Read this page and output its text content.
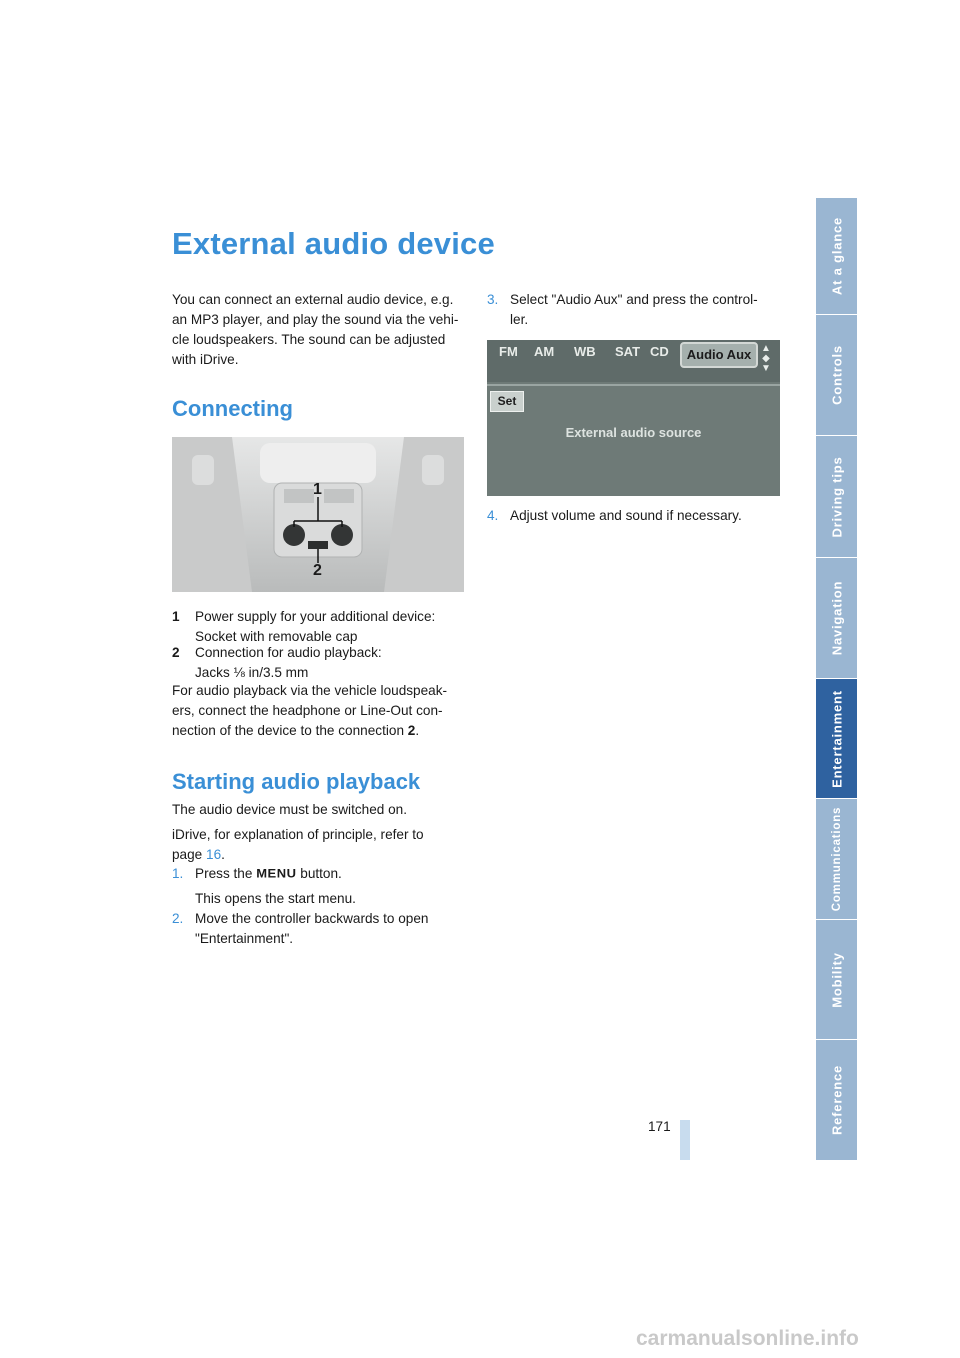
External audio device
You can connect an external audio device, e.g.
an MP3 player, and play the sound via the vehi-
cle loudspeakers. The sound can be adjusted
with iDrive.
Connecting
1
2
1 Power supply for your additional device:
Socket with removable cap
2 Connection for audio playback:
Jacks ⅛ in/3.5 mm
For audio playback via the vehicle loudspeak-
ers, connect the headphone or Line-Out con-
nection of the device to the connection 2.
Starting audio playback
The audio device must be switched on.
iDrive, for explanation of principle, refer to
page 16.
1. Press the MENU button.
This opens the start menu.
2. Move the controller backwards to open
"Entertainment".
3. Select "Audio Aux" and press the control-
ler.
FM AM WB SAT CD	Audio Aux ▲
◆
▼
Set
External audio source
4. Adjust volume and sound if necessary.
At a glance
Controls
Driving tips
Navigation
Entertainment
Communications
Mobility
Reference
171
carmanualsonline.info
